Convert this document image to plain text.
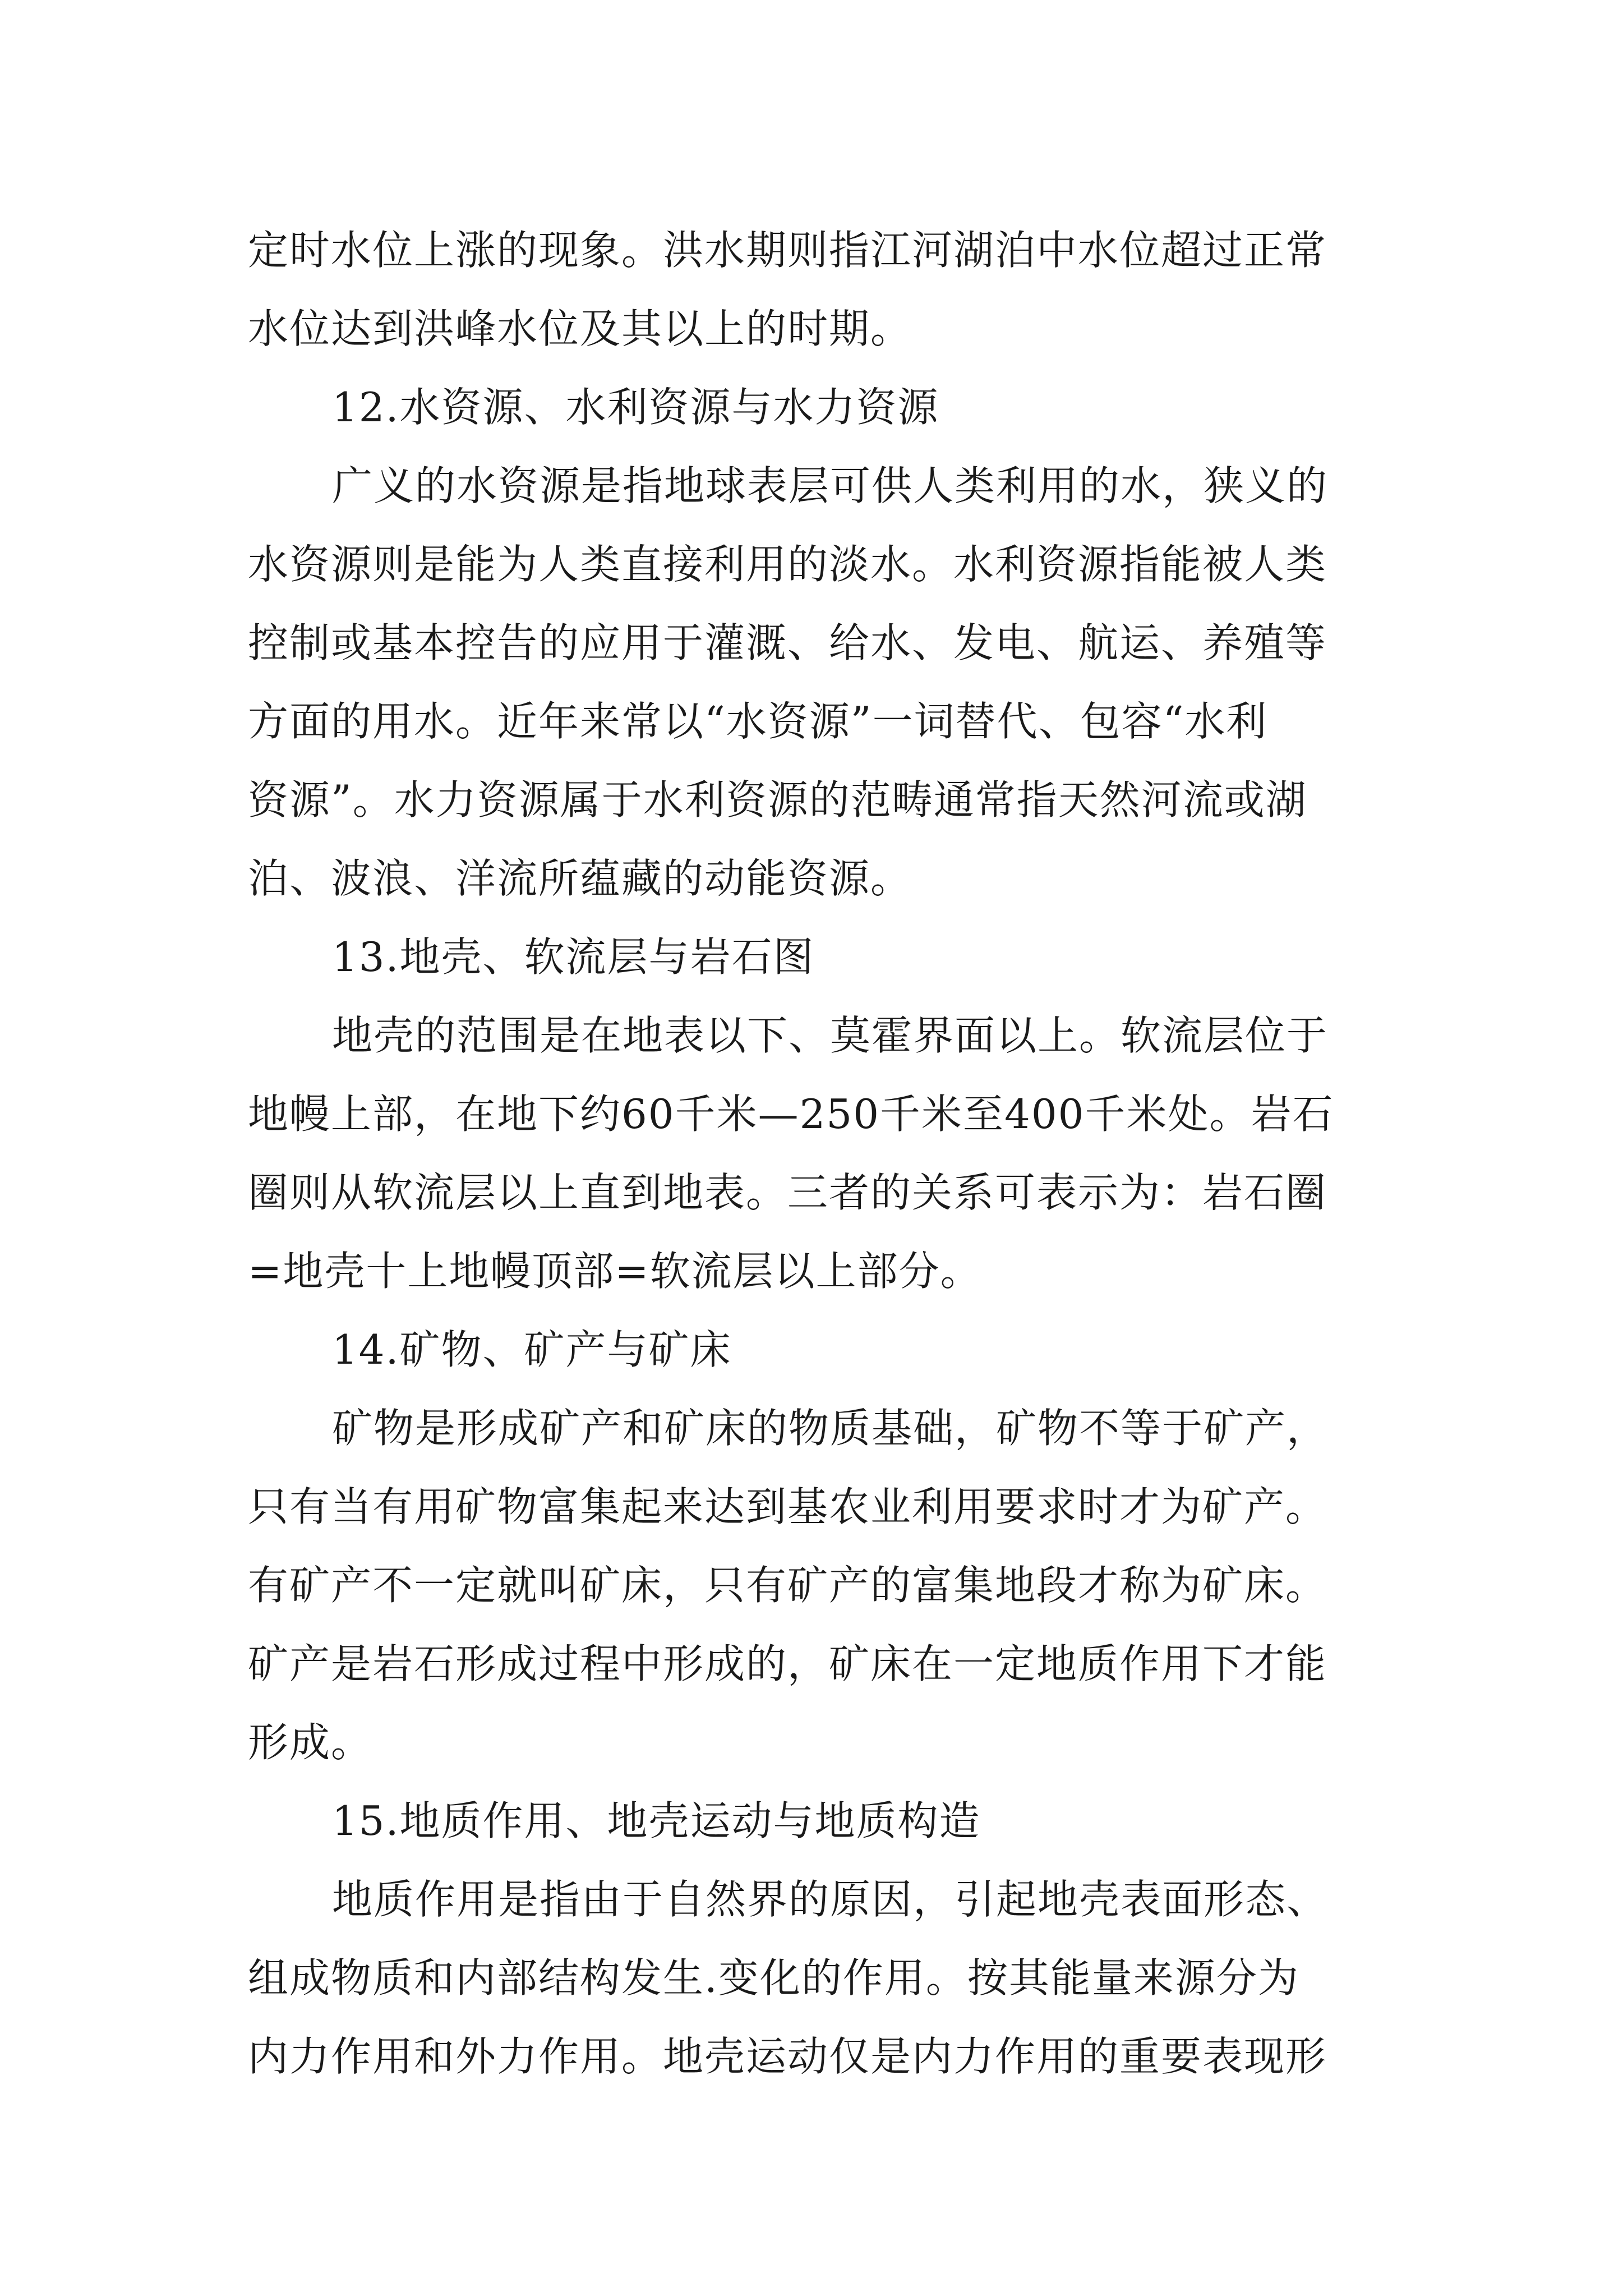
定时水位上涨的现象。洪水期则指江河湖泊中水位超过正常
水位达到洪峰水位及其以上的时期。
12.水资源、水利资源与水力资源
广义的水资源是指地球表层可供人类利用的水，狭义的
水资源则是能为人类直接利用的淡水。水利资源指能被人类
控制或基本控告的应用于灌溉、给水、发电、航运、养殖等
方面的用水。近年来常以“水资源”一词替代、包容“水利
资源”。水力资源属于水利资源的范畴通常指天然河流或湖
泊、波浪、洋流所蕴藏的动能资源。
13.地壳、软流层与岩石图
地壳的范围是在地表以下、莫霍界面以上。软流层位于
地幔上部，在地下约60千米—250千米至400千米处。岩石
圈则从软流层以上直到地表。三者的关系可表示为：岩石圈
=地壳十上地幔顶部=软流层以上部分。
14.矿物、矿产与矿床
矿物是形成矿产和矿床的物质基础，矿物不等于矿产，
只有当有用矿物富集起来达到基农业利用要求时才为矿产。
有矿产不一定就叫矿床，只有矿产的富集地段才称为矿床。
矿产是岩石形成过程中形成的，矿床在一定地质作用下才能
形成。
15.地质作用、地壳运动与地质构造
地质作用是指由于自然界的原因，引起地壳表面形态、
组成物质和内部结构发生.变化的作用。按其能量来源分为
内力作用和外力作用。地壳运动仅是内力作用的重要表现形
